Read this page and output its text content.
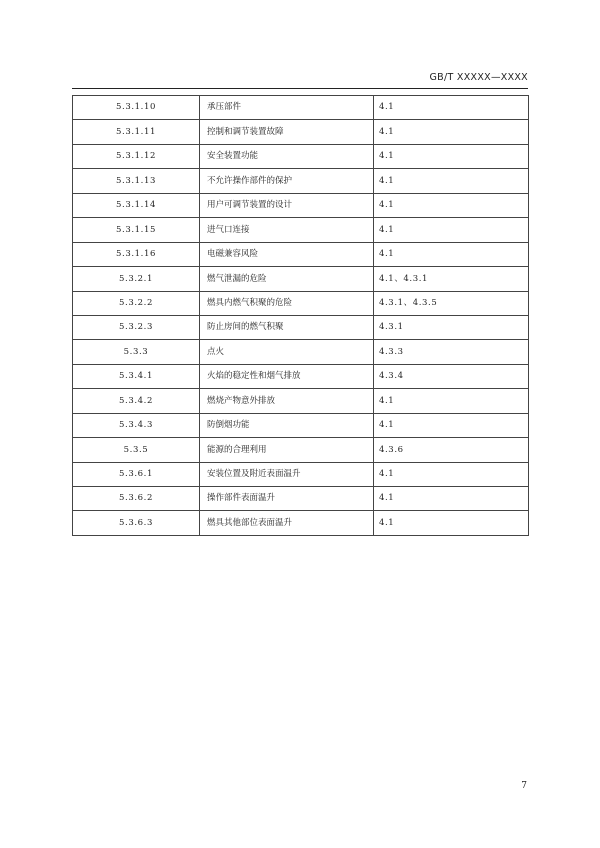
GB/T XXXXX—XXXX
5.3.1.10	承压部件	4.1
5.3.1.11	控制和调节装置故障	4.1
5.3.1.12	安全装置功能	4.1
5.3.1.13	不允许操作部件的保护	4.1
5.3.1.14	用户可调节装置的设计	4.1
5.3.1.15	进气口连接	4.1
5.3.1.16	电磁兼容风险	4.1
5.3.2.1	燃气泄漏的危险	4.1、4.3.1
5.3.2.2	燃具内燃气积聚的危险	4.3.1、4.3.5
5.3.2.3	防止房间的燃气积聚	4.3.1
5.3.3	点火	4.3.3
5.3.4.1	火焰的稳定性和烟气排放	4.3.4
5.3.4.2	燃烧产物意外排放	4.1
5.3.4.3	防倒烟功能	4.1
5.3.5	能源的合理利用	4.3.6
5.3.6.1	安装位置及附近表面温升	4.1
5.3.6.2	操作部件表面温升	4.1
5.3.6.3	燃具其他部位表面温升	4.1
7
